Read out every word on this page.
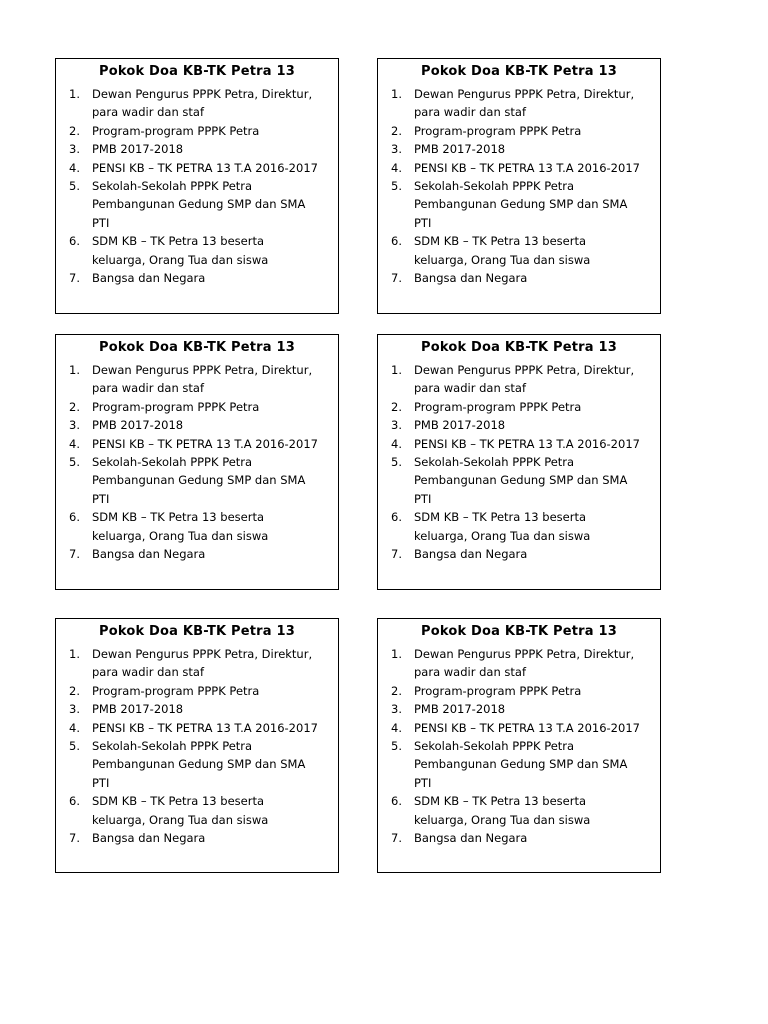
Pokok Doa KB-TK Petra 13
1. Dewan Pengurus PPPK Petra, Direktur,
para wadir dan staf
2. Program-program PPPK Petra
3. PMB 2017-2018
4. PENSI KB – TK PETRA 13 T.A 2016-2017
5. Sekolah-Sekolah PPPK Petra
Pembangunan Gedung SMP dan SMA
PTI
6. SDM KB – TK Petra 13 beserta
keluarga, Orang Tua dan siswa
7. Bangsa dan Negara
Pokok Doa KB-TK Petra 13
1. Dewan Pengurus PPPK Petra, Direktur,
para wadir dan staf
2. Program-program PPPK Petra
3. PMB 2017-2018
4. PENSI KB – TK PETRA 13 T.A 2016-2017
5. Sekolah-Sekolah PPPK Petra
Pembangunan Gedung SMP dan SMA
PTI
6. SDM KB – TK Petra 13 beserta
keluarga, Orang Tua dan siswa
7. Bangsa dan Negara
Pokok Doa KB-TK Petra 13
1. Dewan Pengurus PPPK Petra, Direktur,
para wadir dan staf
2. Program-program PPPK Petra
3. PMB 2017-2018
4. PENSI KB – TK PETRA 13 T.A 2016-2017
5. Sekolah-Sekolah PPPK Petra
Pembangunan Gedung SMP dan SMA
PTI
6. SDM KB – TK Petra 13 beserta
keluarga, Orang Tua dan siswa
7. Bangsa dan Negara
Pokok Doa KB-TK Petra 13
1. Dewan Pengurus PPPK Petra, Direktur,
para wadir dan staf
2. Program-program PPPK Petra
3. PMB 2017-2018
4. PENSI KB – TK PETRA 13 T.A 2016-2017
5. Sekolah-Sekolah PPPK Petra
Pembangunan Gedung SMP dan SMA
PTI
6. SDM KB – TK Petra 13 beserta
keluarga, Orang Tua dan siswa
7. Bangsa dan Negara
Pokok Doa KB-TK Petra 13
1. Dewan Pengurus PPPK Petra, Direktur,
para wadir dan staf
2. Program-program PPPK Petra
3. PMB 2017-2018
4. PENSI KB – TK PETRA 13 T.A 2016-2017
5. Sekolah-Sekolah PPPK Petra
Pembangunan Gedung SMP dan SMA
PTI
6. SDM KB – TK Petra 13 beserta
keluarga, Orang Tua dan siswa
7. Bangsa dan Negara
Pokok Doa KB-TK Petra 13
1. Dewan Pengurus PPPK Petra, Direktur,
para wadir dan staf
2. Program-program PPPK Petra
3. PMB 2017-2018
4. PENSI KB – TK PETRA 13 T.A 2016-2017
5. Sekolah-Sekolah PPPK Petra
Pembangunan Gedung SMP dan SMA
PTI
6. SDM KB – TK Petra 13 beserta
keluarga, Orang Tua dan siswa
7. Bangsa dan Negara
